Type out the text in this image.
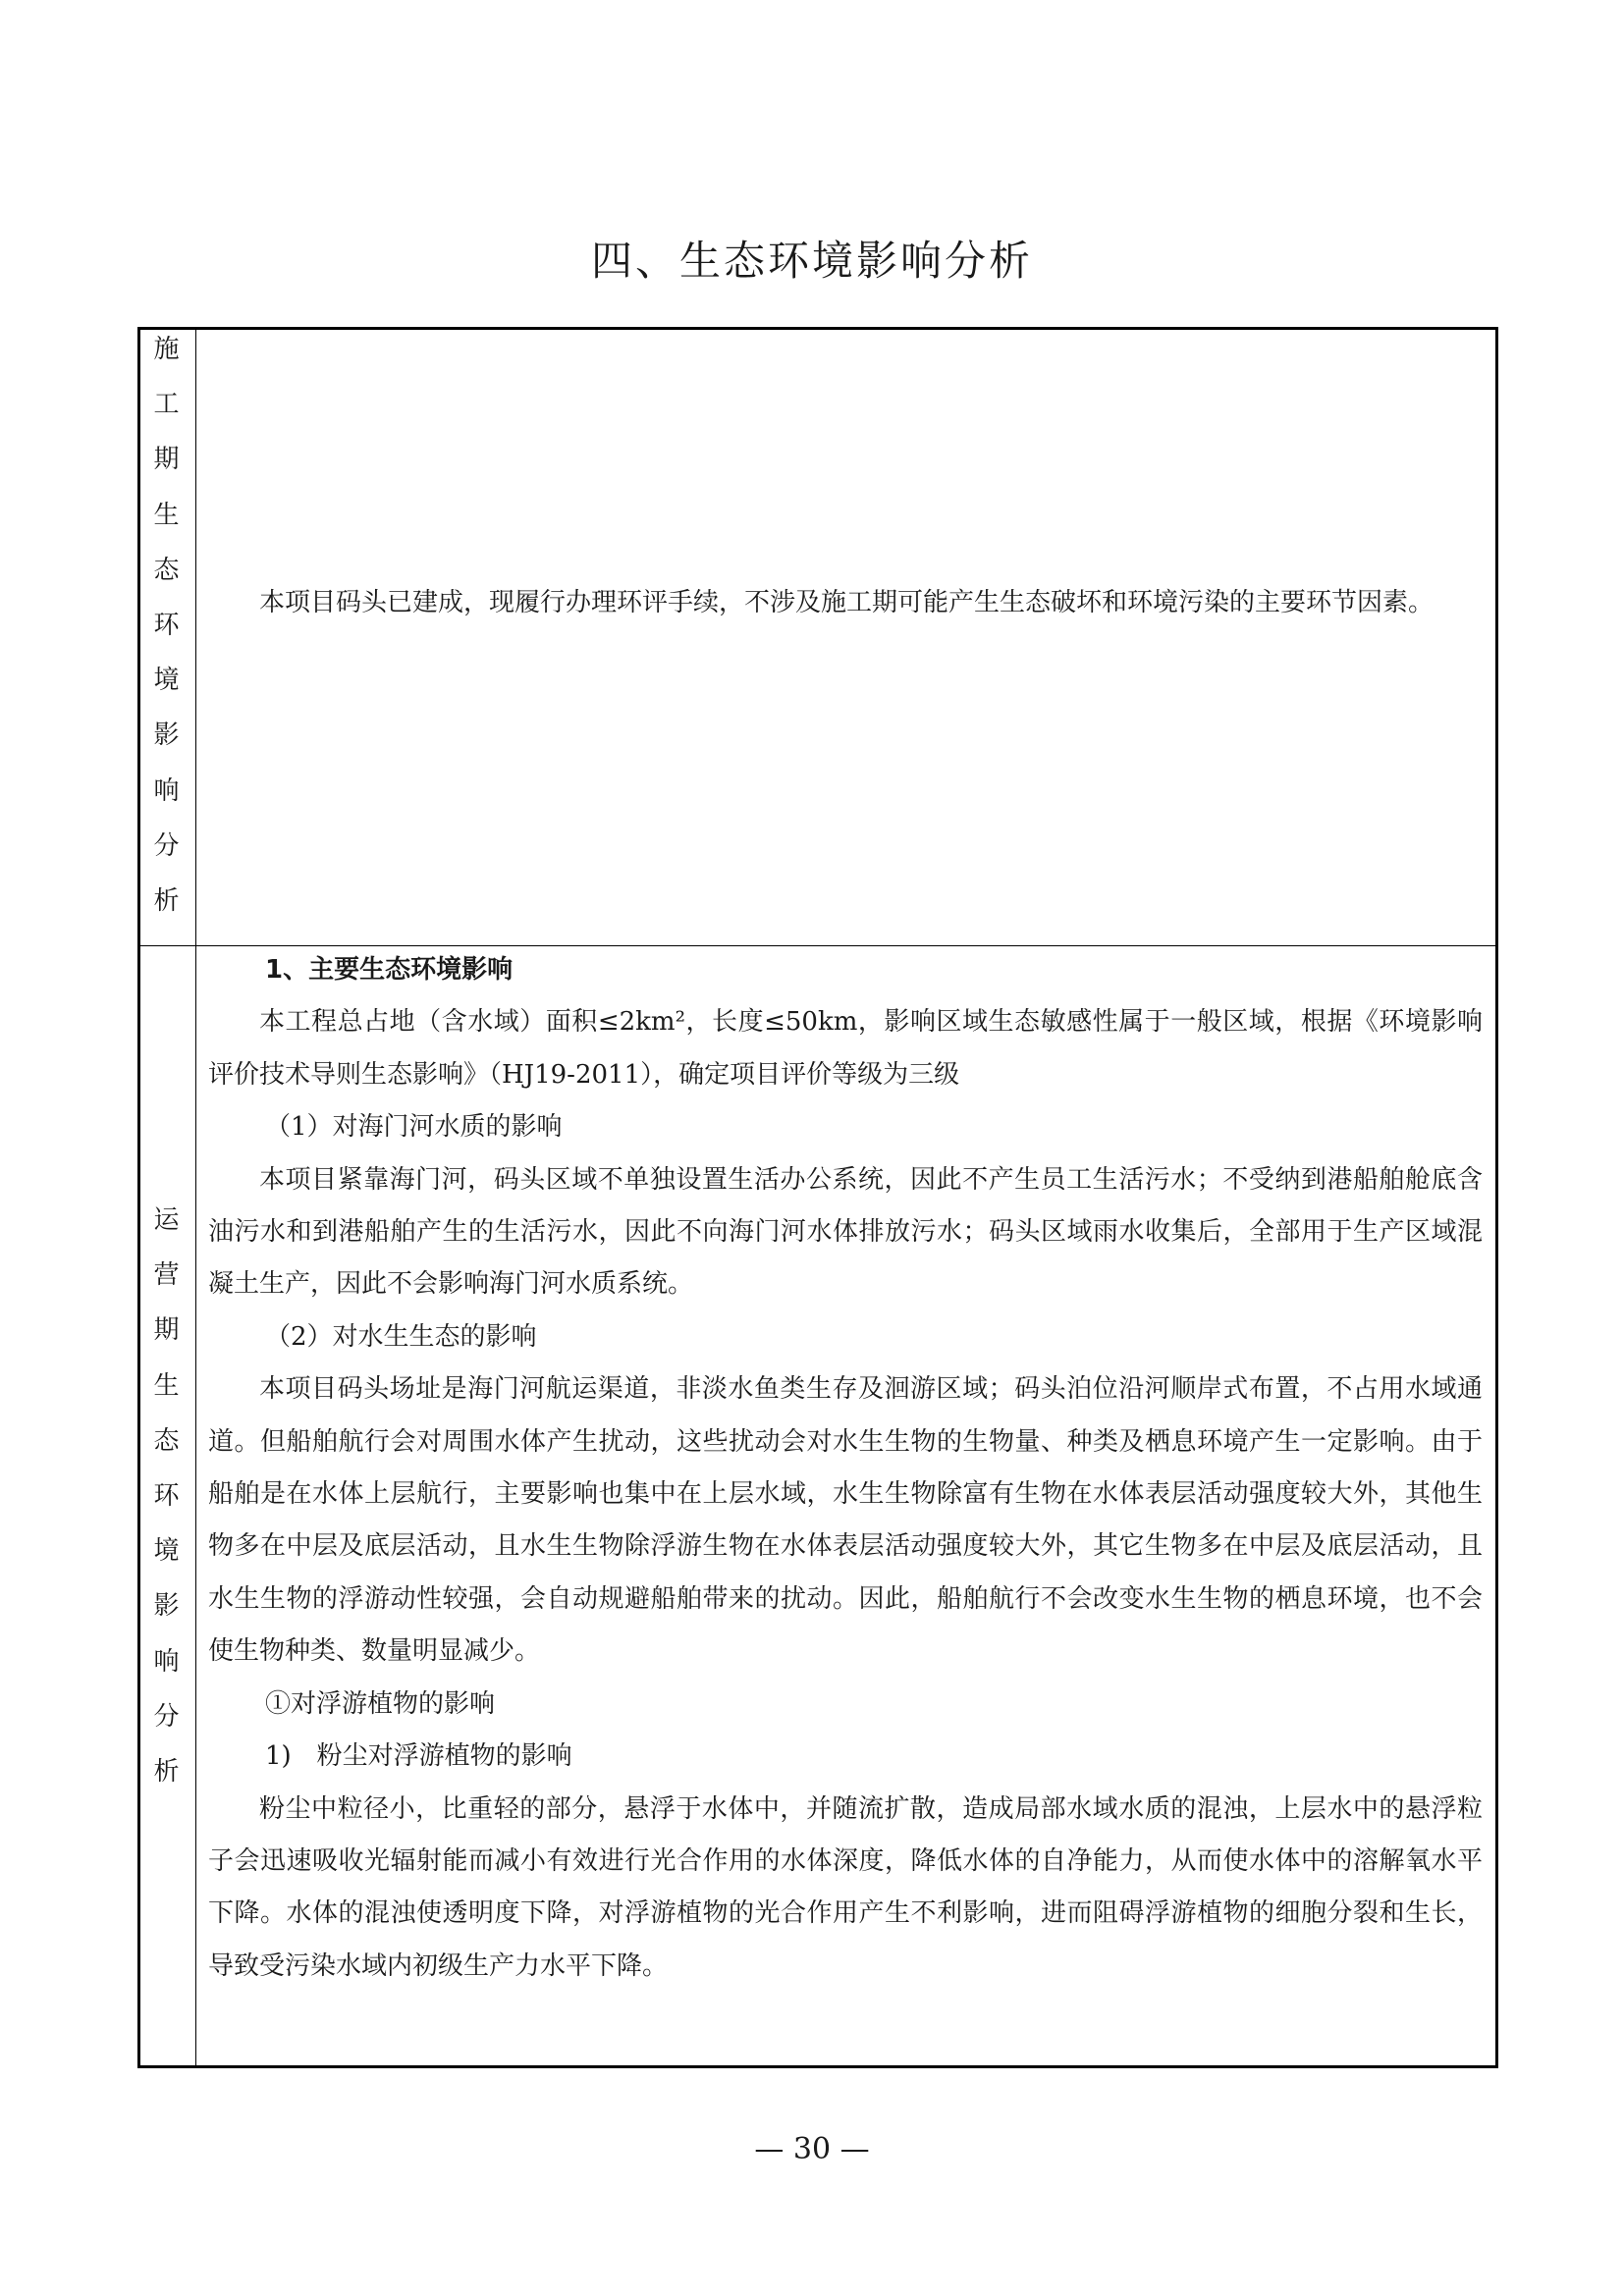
四、生态环境影响分析
施
工
期
生
态
环
境
影
响
分
析

本项目码头已建成，现履行办理环评手续，不涉及施工期可能产生生态破坏和环境污染的主要环节因素。

运
营
期
生
态
环
境
影
响
分
析

1、主要生态环境影响

本工程总占地（含水域）面积≤2km²，长度≤50km，影响区域生态敏感性属于一般区域，根据《环境影响评价技术导则生态影响》（HJ19-2011），确定项目评价等级为三级

（1）对海门河水质的影响

本项目紧靠海门河，码头区域不单独设置生活办公系统，因此不产生员工生活污水；不受纳到港船舶舱底含油污水和到港船舶产生的生活污水，因此不向海门河水体排放污水；码头区域雨水收集后，全部用于生产区域混凝土生产，因此不会影响海门河水质系统。

（2）对水生生态的影响

本项目码头场址是海门河航运渠道，非淡水鱼类生存及洄游区域；码头泊位沿河顺岸式布置，不占用水域通道。但船舶航行会对周围水体产生扰动，这些扰动会对水生生物的生物量、种类及栖息环境产生一定影响。由于船舶是在水体上层航行，主要影响也集中在上层水域，水生生物除富有生物在水体表层活动强度较大外，其他生物多在中层及底层活动，且水生生物除浮游生物在水体表层活动强度较大外，其它生物多在中层及底层活动，且水生生物的浮游动性较强，会自动规避船舶带来的扰动。因此，船舶航行不会改变水生生物的栖息环境，也不会使生物种类、数量明显减少。

①对浮游植物的影响

1)　粉尘对浮游植物的影响

粉尘中粒径小，比重轻的部分，悬浮于水体中，并随流扩散，造成局部水域水质的混浊，上层水中的悬浮粒子会迅速吸收光辐射能而减小有效进行光合作用的水体深度，降低水体的自净能力，从而使水体中的溶解氧水平下降。水体的混浊使透明度下降，对浮游植物的光合作用产生不利影响，进而阻碍浮游植物的细胞分裂和生长，导致受污染水域内初级生产力水平下降。

— 30 —
